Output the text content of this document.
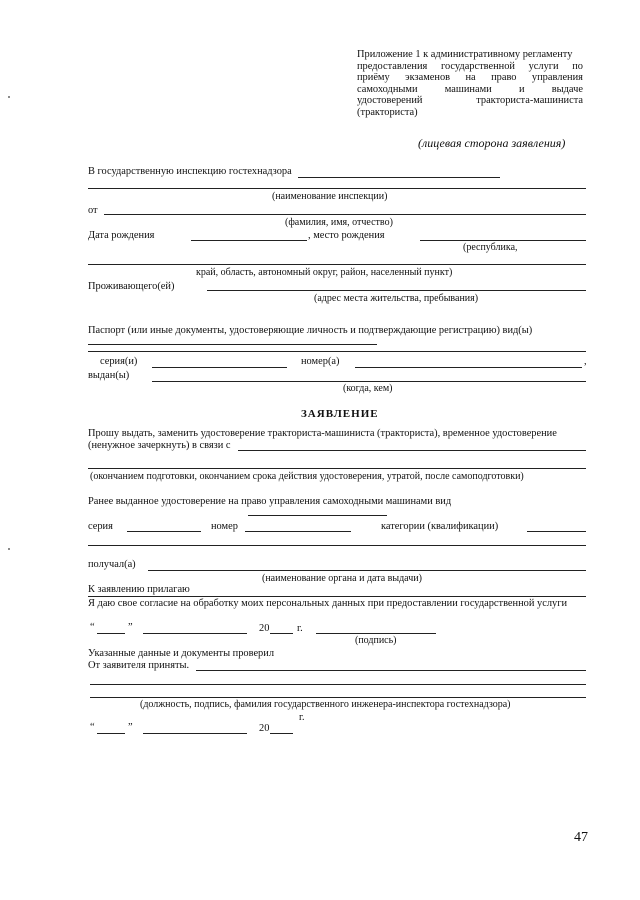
Приложение 1 к административному регламенту
предоставления государственной услуги по
приёму экзаменов на право управления
самоходными	машинами	и	выдаче
удостоверений	тракториста-машиниста
(тракториста)
(лицевая сторона заявления)
В государственную инспекцию гостехнадзора
(наименование инспекции)
от
(фамилия, имя, отчество)
Дата рождения	, место рождения
(республика,
край, область, автономный округ, район, населенный пункт)
Проживающего(ей)
(адрес места жительства, пребывания)
Паспорт (или иные документы, удостоверяющие личность и подтверждающие регистрацию) вид(ы)
серия(и)	номер(а)	,
выдан(ы)
(когда, кем)
ЗАЯВЛЕНИЕ
Прошу выдать, заменить удостоверение тракториста-машиниста (тракториста), временное удостоверение
(ненужное зачеркнуть) в связи с
(окончанием подготовки, окончанием срока действия удостоверения, утратой, после самоподготовки)
Ранее выданное удостоверение на право управления самоходными машинами вид
серия	номер	категории (квалификации)
получал(а)
(наименование органа и дата выдачи)
К заявлению прилагаю
Я даю свое согласие на обработку моих персональных данных при предоставлении государственной услуги
“	”	20	г.
(подпись)
Указанные данные и документы проверил
От заявителя приняты.
(должность, подпись, фамилия государственного инженера-инспектора гостехнадзора)
г.
“	”	20
47
